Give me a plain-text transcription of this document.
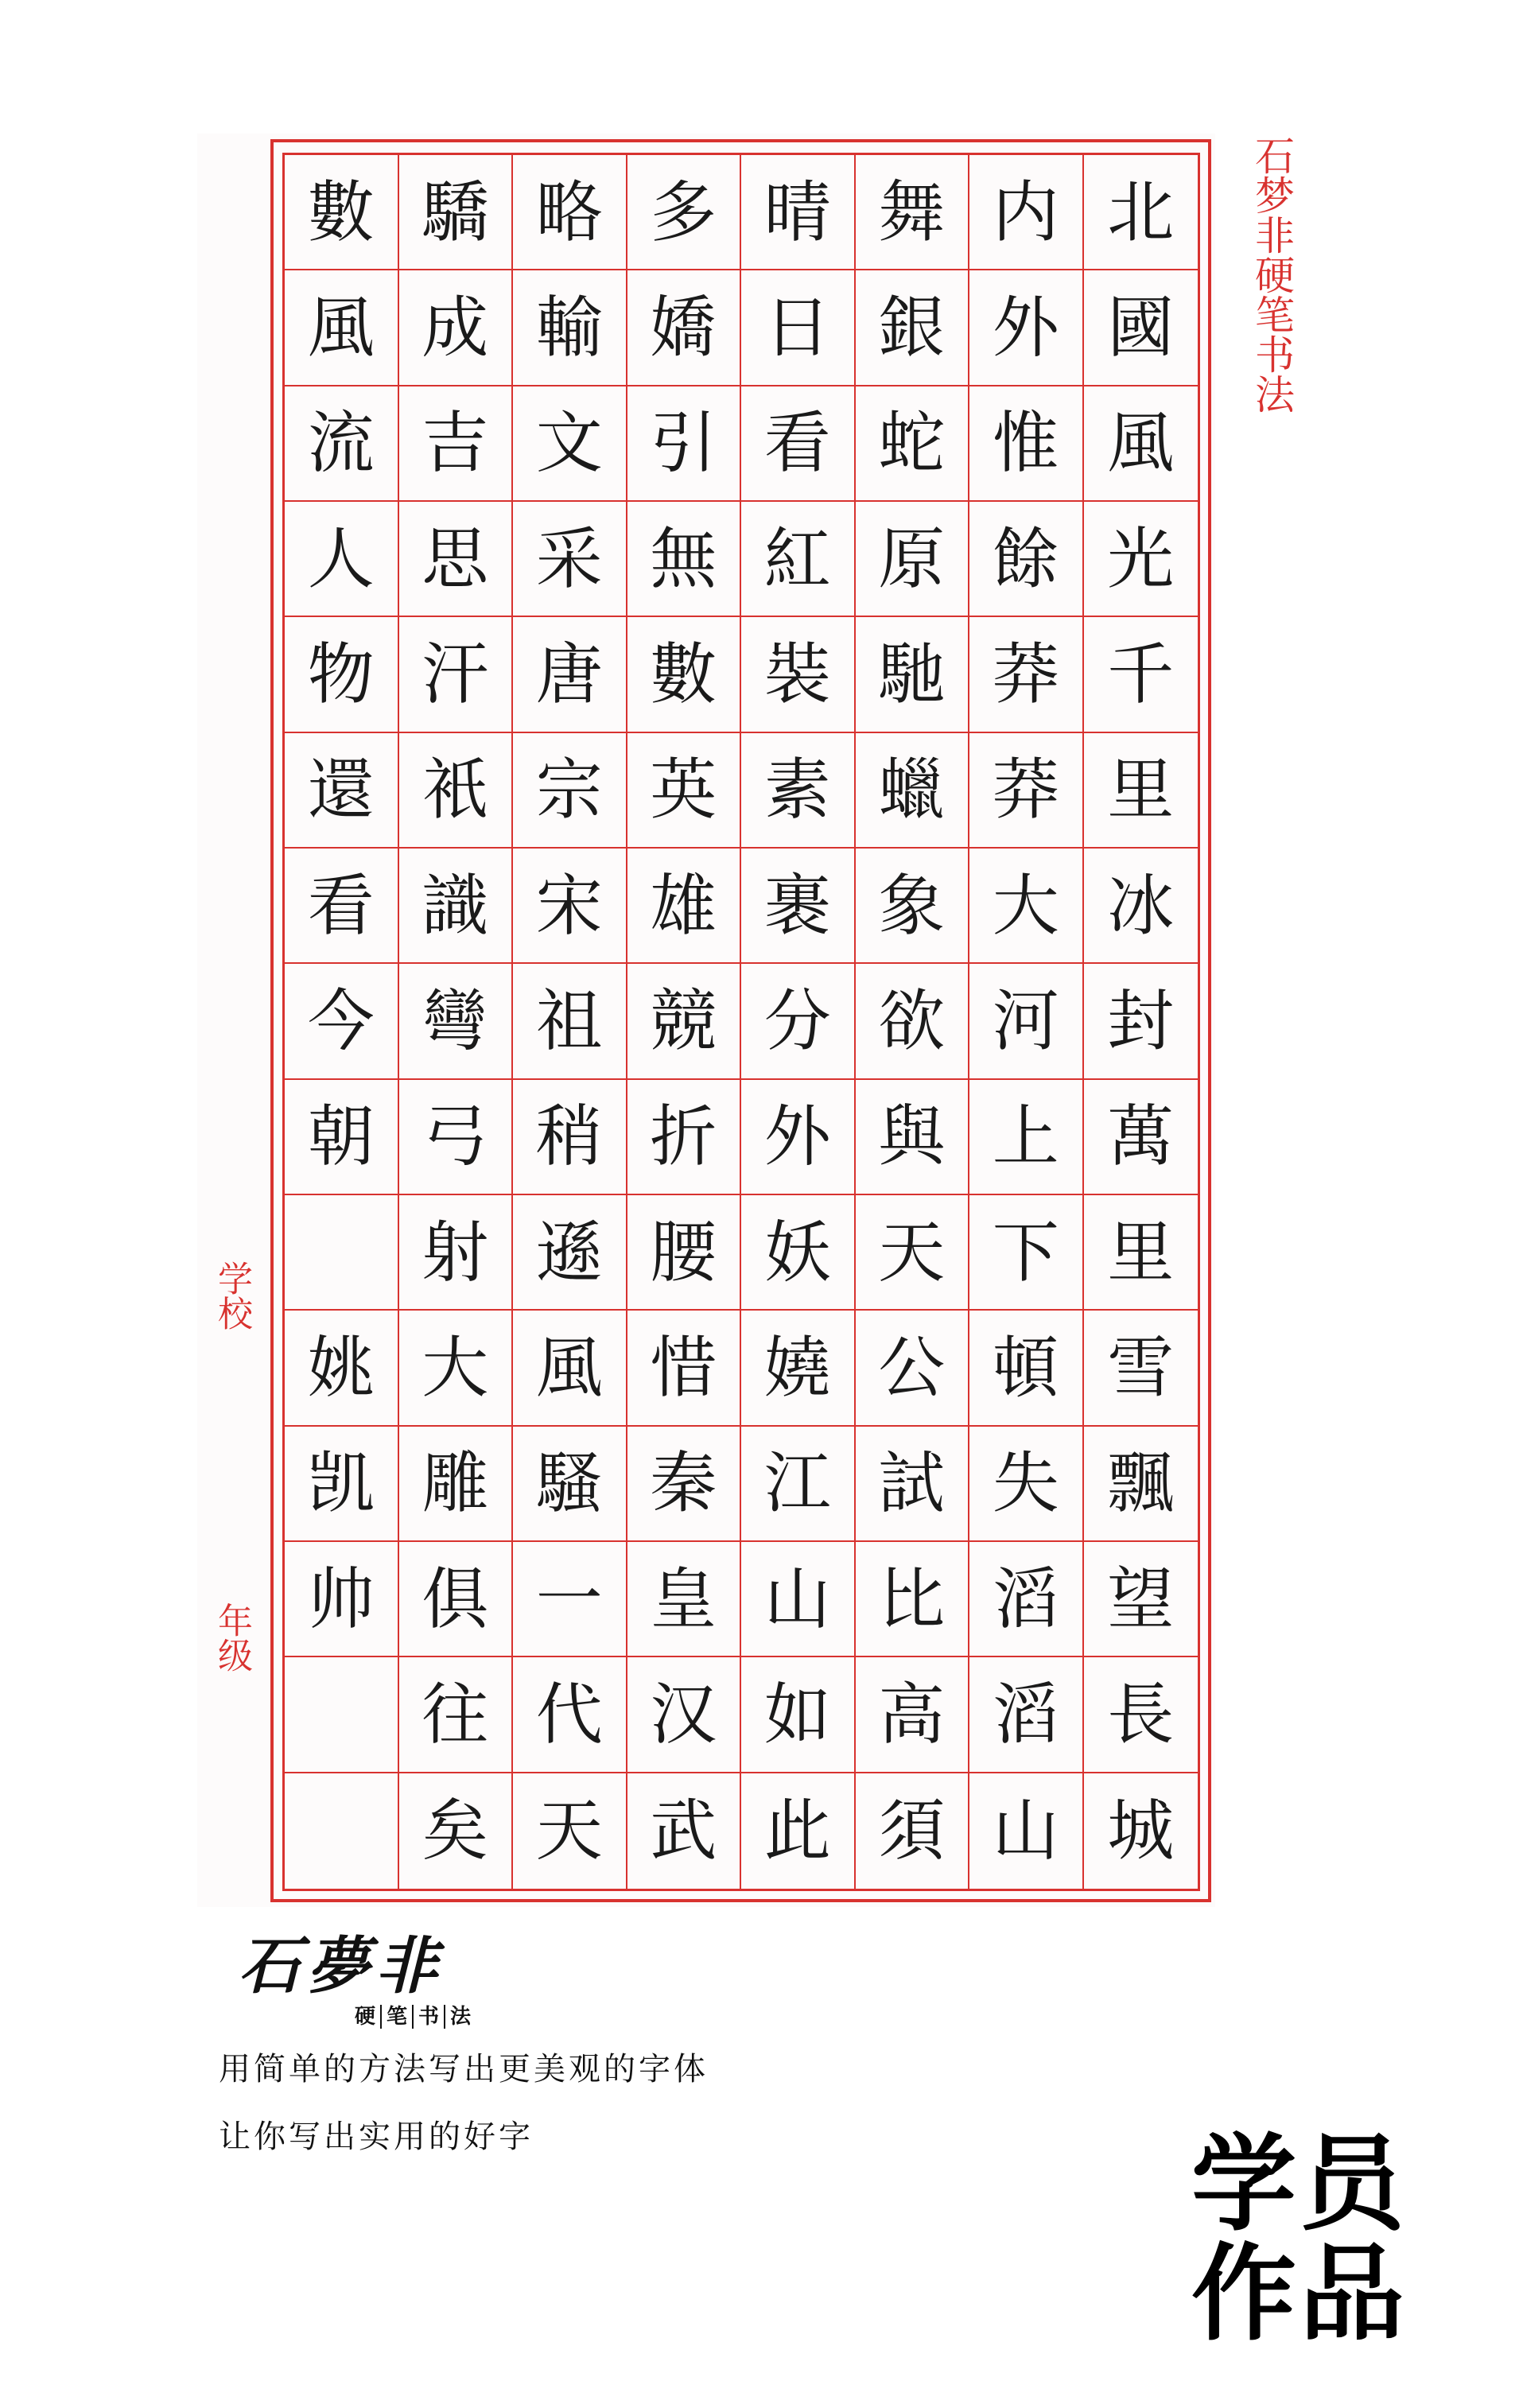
數 驕 略 多 晴 舞 内 北
風 成 輸 嬌 日 銀 外 國
流 吉 文 引 看 蛇 惟 風
人 思 采 無 紅 原 餘 光
物 汗 唐 數 裝 馳 莽 千
還 衹 宗 英 素 蠟 莽 里
看 識 宋 雄 裹 象 大 冰
今 彎 祖 競 分 欲 河 封
朝 弓 稍 折 外 與 上 萬
射 遜 腰 妖 天 下 里
姚 大 風 惜 嬈 公 頓 雪
凯 雕 騷 秦 江 試 失 飄
帅 俱 一 皇 山 比 滔 望
往 代 汉 如 高 滔 長
矣 天 武 此 須 山 城
石梦非硬笔书法
学校
年级
石夢非
硬 笔 书 法
用简单的方法写出更美观的字体
让你写出实用的好字	学员
作品
